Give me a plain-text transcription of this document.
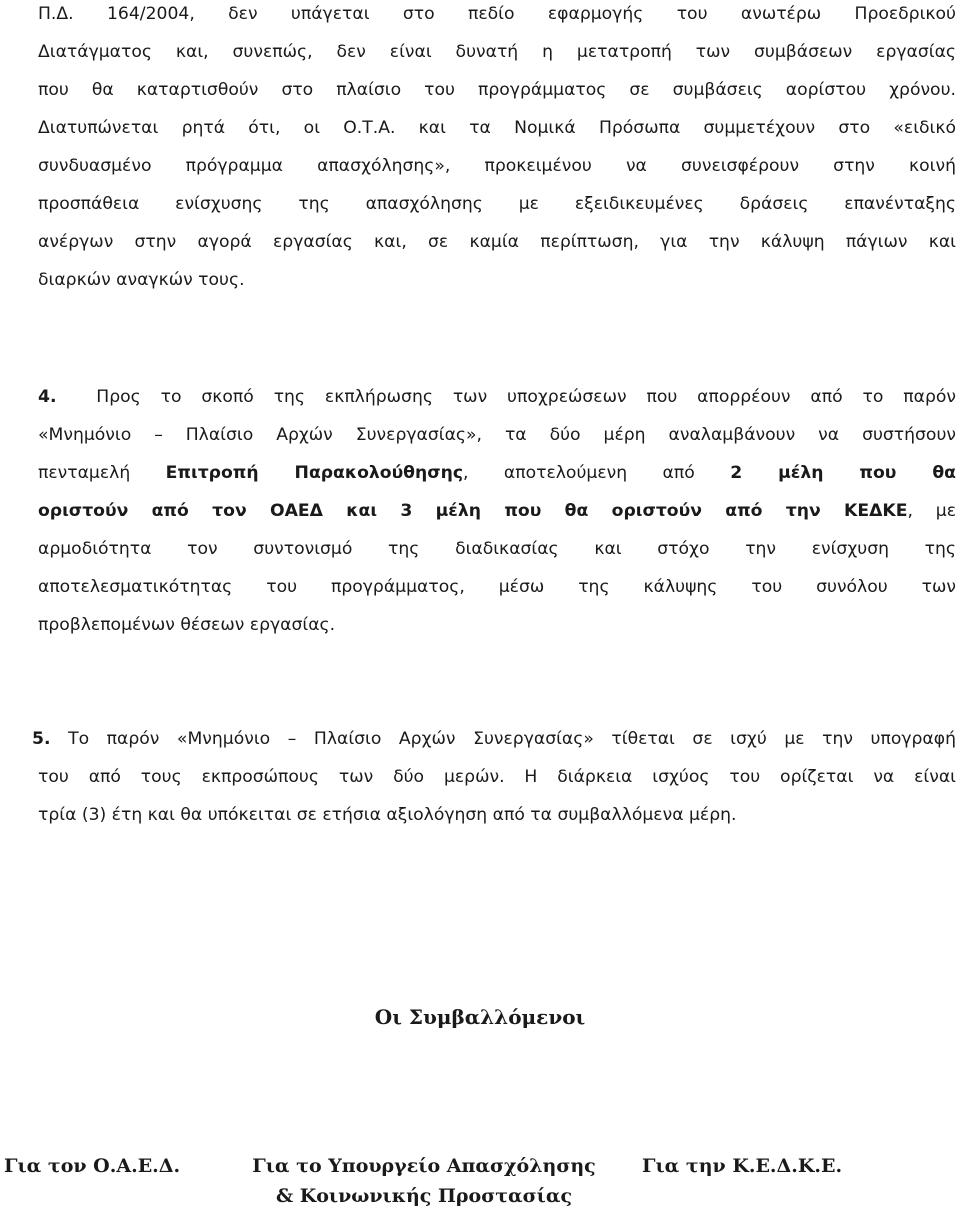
Π.Δ. 164/2004, δεν υπάγεται στο πεδίο εφαρμογής του ανωτέρω Προεδρικού
Διατάγματος και, συνεπώς, δεν είναι δυνατή η μετατροπή των συμβάσεων εργασίας
που θα καταρτισθούν στο πλαίσιο του προγράμματος σε συμβάσεις αορίστου χρόνου.
Διατυπώνεται ρητά ότι, οι Ο.Τ.Α. και τα Νομικά Πρόσωπα συμμετέχουν στο «ειδικό
συνδυασμένο πρόγραμμα απασχόλησης», προκειμένου να συνεισφέρουν στην κοινή
προσπάθεια ενίσχυσης της απασχόλησης με εξειδικευμένες δράσεις επανένταξης
ανέργων στην αγορά εργασίας και, σε καμία περίπτωση, για την κάλυψη πάγιων και
διαρκών αναγκών τους.
4. Προς το σκοπό της εκπλήρωσης των υποχρεώσεων που απορρέουν από το παρόν
«Μνημόνιο – Πλαίσιο Αρχών Συνεργασίας», τα δύο μέρη αναλαμβάνουν να συστήσουν
πενταμελή Επιτροπή Παρακολούθησης, αποτελούμενη από 2 μέλη που θα
οριστούν από τον ΟΑΕΔ και 3 μέλη που θα οριστούν από την ΚΕΔΚΕ, με
αρμοδιότητα τον συντονισμό της διαδικασίας και στόχο την ενίσχυση της
αποτελεσματικότητας του προγράμματος, μέσω της κάλυψης του συνόλου των
προβλεπομένων θέσεων εργασίας.
5. Το παρόν «Μνημόνιο – Πλαίσιο Αρχών Συνεργασίας» τίθεται σε ισχύ με την υπογραφή
του από τους εκπροσώπους των δύο μερών. Η διάρκεια ισχύος του ορίζεται να είναι
τρία (3) έτη και θα υπόκειται σε ετήσια αξιολόγηση από τα συμβαλλόμενα μέρη.
Οι Συμβαλλόμενοι
Για τον Ο.Α.Ε.Δ.	Για το Υπουργείο Απασχόλησης
& Κοινωνικής Προστασίας
Για την Κ.Ε.Δ.Κ.Ε.
